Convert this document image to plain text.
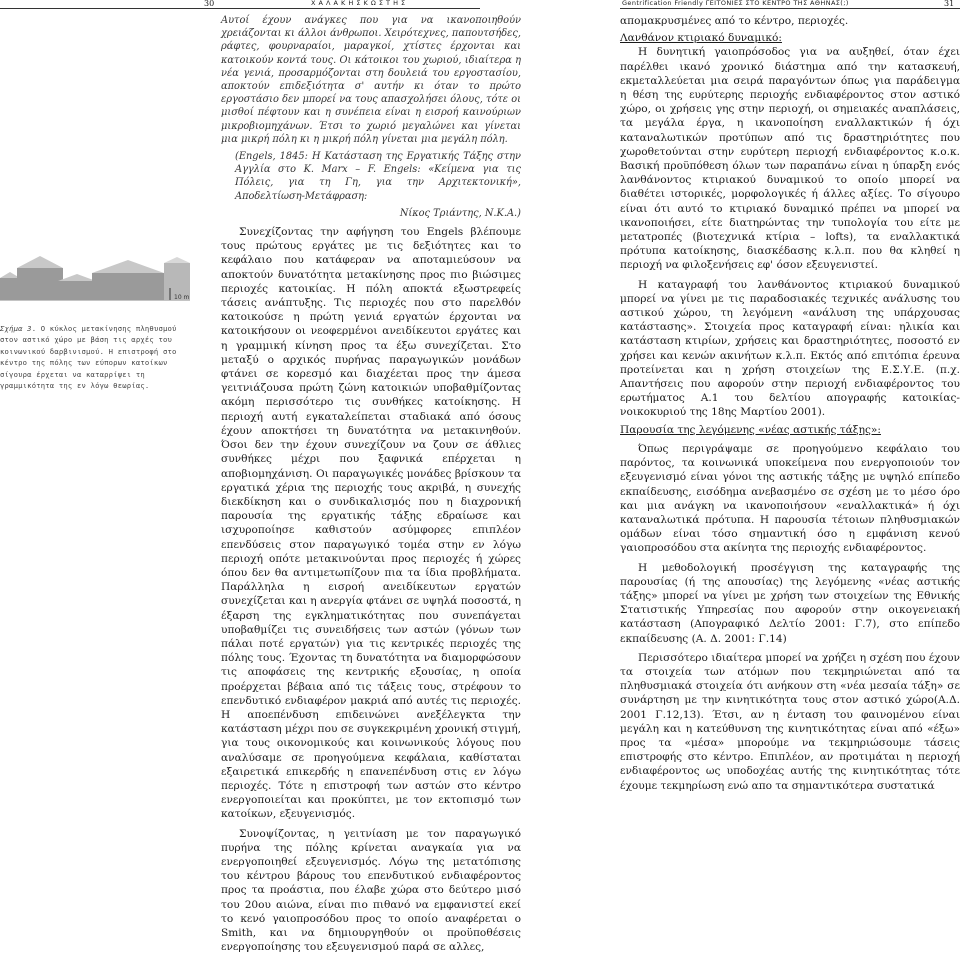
30	Χ Α Λ Α Κ Η Σ Κ Ω Σ Τ Η Σ	Gentrification Friendly ΓΕΙΤΟΝΙΕΣ ΣΤΟ ΚΕΝΤΡΟ ΤΗΣ ΑΘΗΝΑΣ(;)	31
10 m
Σχήμα 3. Ο κύκλος μετακίνησης πληθυσμού στον αστικό χώρο με βάση τις αρχές του κοινωνικού δαρβινισμού. Η επιστροφή στο κέντρο της πόλης των εύπορων κατοίκων σίγουρα έρχεται να καταρρίψει τη γραμμικότητα της εν λόγω θεωρίας.

Αυτοί έχουν ανάγκες που για να ικανοποιηθούν χρειάζονται κι άλλοι άνθρωποι. Χειρότεχνες, παπουτσήδες, ράφτες, φουρναραίοι, μαραγκοί, χτίστες έρχονται και κατοικούν κοντά τους. Οι κάτοικοι του χωριού, ιδιαίτερα η νέα γενιά, προσαρμόζονται στη δουλειά του εργοστασίου, αποκτούν επιδεξιότητα σ' αυτήν κι όταν το πρώτο εργοστάσιο δεν μπορεί να τους απασχολήσει όλους, τότε οι μισθοί πέφτουν και η συνέπεια είναι η εισροή καινούριων μικροβιομηχάνων. Έτσι το χωριό μεγαλώνει και γίνεται μια μικρή πόλη κι η μικρή πόλη γίνεται μια μεγάλη πόλη.

(Engels, 1845: Η Κατάσταση της Εργατικής Τάξης στην Αγγλία στο K. Marx – F. Engels: «Κείμενα για τις Πόλεις, για τη Γη, για την Αρχιτεκτονική», Αποδελτίωση-Μετάφραση:

Νίκος Τριάντης, Ν.Κ.Α.)

Συνεχίζοντας την αφήγηση του Engels βλέπουμε τους πρώτους εργάτες με τις δεξιότητες και το κεφάλαιο που κατάφεραν να αποταμιεύσουν να αποκτούν δυνατότητα μετακίνησης προς πιο βιώσιμες περιοχές κατοικίας. Η πόλη αποκτά εξωστρεφείς τάσεις ανάπτυξης. Τις περιοχές που στο παρελθόν κατοικούσε η πρώτη γενιά εργατών έρχονται να κατοικήσουν οι νεοφερμένοι ανειδίκευτοι εργάτες και η γραμμική κίνηση προς τα έξω συνεχίζεται. Στο μεταξύ ο αρχικός πυρήνας παραγωγικών μονάδων φτάνει σε κορεσμό και διαχέεται προς την άμεσα γειτνιάζουσα πρώτη ζώνη κατοικιών υποβαθμίζοντας ακόμη περισσότερο τις συνθήκες κατοίκησης. Η περιοχή αυτή εγκαταλείπεται σταδιακά από όσους έχουν αποκτήσει τη δυνατότητα να μετακινηθούν. Όσοι δεν την έχουν συνεχίζουν να ζουν σε άθλιες συνθήκες μέχρι που ξαφνικά επέρχεται η αποβιομηχάνιση. Οι παραγωγικές μονάδες βρίσκουν τα εργατικά χέρια της περιοχής τους ακριβά, η συνεχής διεκδίκηση και ο συνδικαλισμός που η διαχρονική παρουσία της εργατικής τάξης εδραίωσε και ισχυροποίησε καθιστούν ασύμφορες επιπλέον επενδύσεις στον παραγωγικό τομέα στην εν λόγω περιοχή οπότε μετακινούνται προς περιοχές ή χώρες όπου δεν θα αντιμετωπίζουν πια τα ίδια προβλήματα. Παράλληλα η εισροή ανειδίκευτων εργατών συνεχίζεται και η ανεργία φτάνει σε υψηλά ποσοστά, η έξαρση της εγκληματικότητας που συνεπάγεται υποβαθμίζει τις συνειδήσεις των αστών (γόνων των πάλαι ποτέ εργατών) για τις κεντρικές περιοχές της πόλης τους. Έχοντας τη δυνατότητα να διαμορφώσουν τις αποφάσεις της κεντρικής εξουσίας, η οποία προέρχεται βέβαια από τις τάξεις τους, στρέφουν το επενδυτικό ενδιαφέρον μακριά από αυτές τις περιοχές. Η αποεπένδυση επιδεινώνει ανεξέλεγκτα την κατάσταση μέχρι που σε συγκεκριμένη χρονική στιγμή, για τους οικονομικούς και κοινωνικούς λόγους που αναλύσαμε σε προηγούμενα κεφάλαια, καθίσταται εξαιρετικά επικερδής η επανεπένδυση στις εν λόγω περιοχές. Τότε η επιστροφή των αστών στο κέντρο ενεργοποιείται και προκύπτει, με τον εκτοπισμό των κατοίκων, εξευγενισμός.

Συνοψίζοντας, η γειτνίαση με τον παραγωγικό πυρήνα της πόλης κρίνεται αναγκαία για να ενεργοποιηθεί εξευγενισμός. Λόγω της μετατόπισης του κέντρου βάρους του επενδυτικού ενδιαφέροντος προς τα προάστια, που έλαβε χώρα στο δεύτερο μισό του 20ου αιώνα, είναι πιο πιθανό να εμφανιστεί εκεί το κενό γαιοπροσόδου προς το οποίο αναφέρεται ο Smith, και να δημιουργηθούν οι προϋποθέσεις ενεργοποίησης του εξευγενισμού παρά σε αλλες,

απομακρυσμένες από το κέντρο, περιοχές.

Λανθάνον κτιριακό δυναμικό:

Η δυνητική γαιοπρόσοδος για να αυξηθεί, όταν έχει παρέλθει ικανό χρονικό διάστημα από την κατασκευή, εκμεταλλεύεται μια σειρά παραγόντων όπως για παράδειγμα η θέση της ευρύτερης περιοχής ενδιαφέροντος στον αστικό χώρο, οι χρήσεις γης στην περιοχή, οι σημειακές αναπλάσεις, τα μεγάλα έργα, η ικανοποίηση εναλλακτικών ή όχι καταναλωτικών προτύπων από τις δραστηριότητες που χωροθετούνται στην ευρύτερη περιοχή ενδιαφέροντος κ.ο.κ. Βασική προϋπόθεση όλων των παραπάνω είναι η ύπαρξη ενός λανθάνοντος κτιριακού δυναμικού το οποίο μπορεί να διαθέτει ιστορικές, μορφολογικές ή άλλες αξίες. Το σίγουρο είναι ότι αυτό το κτιριακό δυναμικό πρέπει να μπορεί να ικανοποιήσει, είτε διατηρώντας την τυπολογία του είτε με μετατροπές (βιοτεχνικά κτίρια – lofts), τα εναλλακτικά πρότυπα κατοίκησης, διασκέδασης κ.λ.π. που θα κληθεί η περιοχή να φιλοξενήσεις εφ' όσον εξευγενιστεί.

Η καταγραφή του λανθάνοντος κτιριακού δυναμικού μπορεί να γίνει με τις παραδοσιακές τεχνικές ανάλυσης του αστικού χώρου, τη λεγόμενη «ανάλυση της υπάρχουσας κατάστασης». Στοιχεία προς καταγραφή είναι: ηλικία και κατάσταση κτιρίων, χρήσεις και δραστηριότητες, ποσοστό εν χρήσει και κενών ακινήτων κ.λ.π. Εκτός από επιτόπια έρευνα προτείνεται και η χρήση στοιχείων της Ε.Σ.Υ.Ε. (π.χ. Απαντήσεις που αφορούν στην περιοχή ενδιαφέροντος του ερωτήματος Α.1 του δελτίου απογραφής κατοικίας-νοικοκυριού της 18ης Μαρτίου 2001).

Παρουσία της λεγόμενης «νέας αστικής τάξης»:

Όπως περιγράψαμε σε προηγούμενο κεφάλαιο του παρόντος, τα κοινωνικά υποκείμενα που ενεργοποιούν τον εξευγενισμό είναι γόνοι της αστικής τάξης με υψηλό επίπεδο εκπαίδευσης, εισόδημα ανεβασμένο σε σχέση με το μέσο όρο και μια ανάγκη να ικανοποιήσουν «εναλλακτικά» ή όχι καταναλωτικά πρότυπα. Η παρουσία τέτοιων πληθυσμιακών ομάδων είναι τόσο σημαντική όσο η εμφάνιση κενού γαιοπροσόδου στα ακίνητα της περιοχής ενδιαφέροντος.

Η μεθοδολογική προσέγγιση της καταγραφής της παρουσίας (ή της απουσίας) της λεγόμενης «νέας αστικής τάξης» μπορεί να γίνει με χρήση των στοιχείων της Εθνικής Στατιστικής Υπηρεσίας που αφορούν στην οικογενειακή κατάσταση (Απογραφικό Δελτίο 2001: Γ.7), στο επίπεδο εκπαίδευσης (Α. Δ. 2001: Γ.14)

Περισσότερο ιδιαίτερα μπορεί να χρήζει η σχέση που έχουν τα στοιχεία των ατόμων που τεκμηριώνεται από τα πληθυσμιακά στοιχεία ότι ανήκουν στη «νέα μεσαία τάξη» σε συνάρτηση με την κινητικότητα τους στον αστικό χώρο(Α.Δ. 2001 Γ.12,13). Έτσι, αν η ένταση του φαινομένου είναι μεγάλη και η κατεύθυνση της κινητικότητας είναι από «έξω» προς τα «μέσα» μπορούμε να τεκμηριώσουμε τάσεις επιστροφής στο κέντρο. Επιπλέον, αν προτιμάται η περιοχή ενδιαφέροντος ως υποδοχέας αυτής της κινητικότητας τότε έχουμε τεκμηρίωση ενώ απο τα σημαντικότερα συστατικά
